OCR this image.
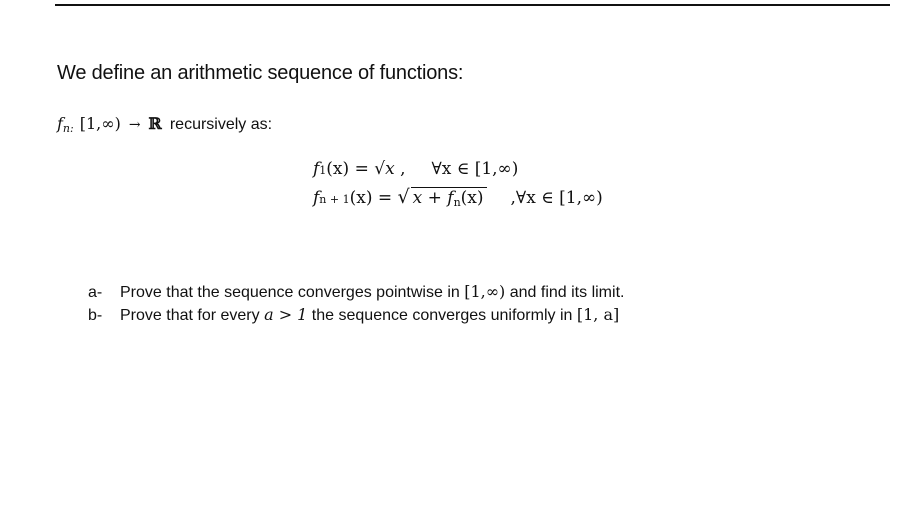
We define an arithmetic sequence of functions:
$f_{n:}$ [1,∞) → ℝ recursively as:
f 1 (x)
=
√ x
, ∀x ∈ [1,∞)
f n + 1 (x)
=
√ $x + f_n(x)$ ,∀x ∈ [1,∞)
a-	Prove that the sequence converges pointwise in [1,∞) and find its limit.
b-	Prove that for every a > 1 the sequence converges uniformly in [1, a]
